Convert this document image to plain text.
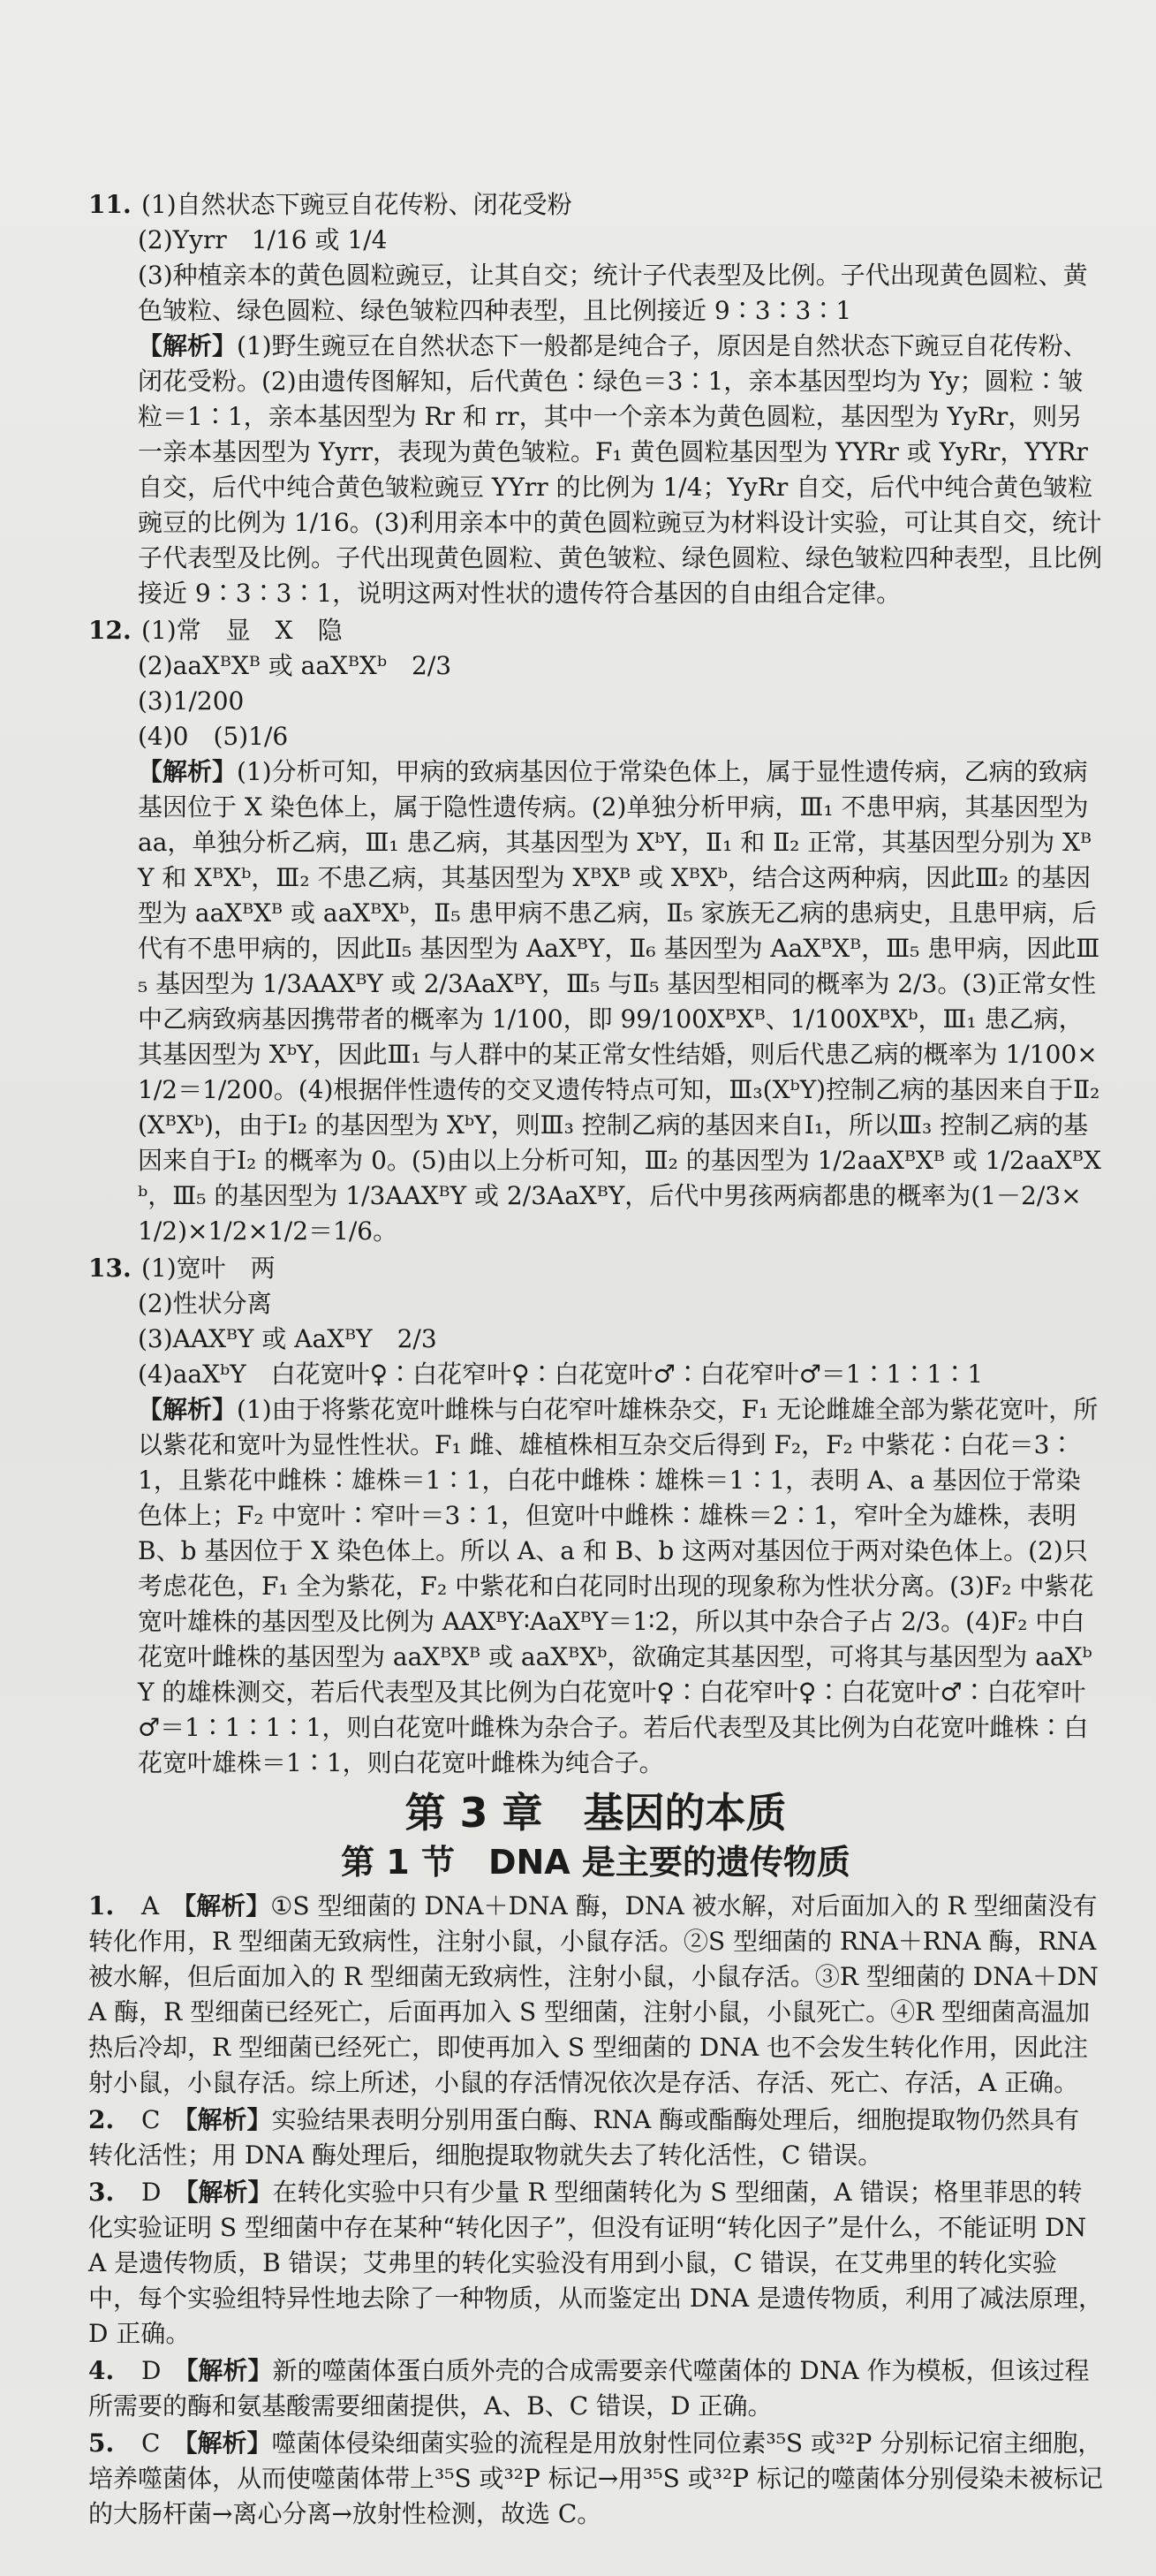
11. (1)自然状态下豌豆自花传粉、闭花受粉

(2)Yyrr　1/16 或 1/4

(3)种植亲本的黄色圆粒豌豆，让其自交；统计子代表型及比例。子代出现黄色圆粒、黄色皱粒、绿色圆粒、绿色皱粒四种表型，且比例接近 9∶3∶3∶1

【解析】(1)野生豌豆在自然状态下一般都是纯合子，原因是自然状态下豌豆自花传粉、闭花受粉。(2)由遗传图解知，后代黄色∶绿色＝3∶1，亲本基因型均为 Yy；圆粒∶皱粒＝1∶1，亲本基因型为 Rr 和 rr，其中一个亲本为黄色圆粒，基因型为 YyRr，则另一亲本基因型为 Yyrr，表现为黄色皱粒。F₁ 黄色圆粒基因型为 YYRr 或 YyRr，YYRr 自交，后代中纯合黄色皱粒豌豆 YYrr 的比例为 1/4；YyRr 自交，后代中纯合黄色皱粒豌豆的比例为 1/16。(3)利用亲本中的黄色圆粒豌豆为材料设计实验，可让其自交，统计子代表型及比例。子代出现黄色圆粒、黄色皱粒、绿色圆粒、绿色皱粒四种表型，且比例接近 9∶3∶3∶1，说明这两对性状的遗传符合基因的自由组合定律。

12. (1)常　显　X　隐

(2)aaXᴮXᴮ 或 aaXᴮXᵇ　2/3

(3)1/200

(4)0　(5)1/6

【解析】(1)分析可知，甲病的致病基因位于常染色体上，属于显性遗传病，乙病的致病基因位于 X 染色体上，属于隐性遗传病。(2)单独分析甲病，Ⅲ₁ 不患甲病，其基因型为 aa，单独分析乙病，Ⅲ₁ 患乙病，其基因型为 XᵇY，Ⅱ₁ 和 Ⅱ₂ 正常，其基因型分别为 XᴮY 和 XᴮXᵇ，Ⅲ₂ 不患乙病，其基因型为 XᴮXᴮ 或 XᴮXᵇ，结合这两种病，因此Ⅲ₂ 的基因型为 aaXᴮXᴮ 或 aaXᴮXᵇ，Ⅱ₅ 患甲病不患乙病，Ⅱ₅ 家族无乙病的患病史，且患甲病，后代有不患甲病的，因此Ⅱ₅ 基因型为 AaXᴮY，Ⅱ₆ 基因型为 AaXᴮXᴮ，Ⅲ₅ 患甲病，因此Ⅲ₅ 基因型为 1/3AAXᴮY 或 2/3AaXᴮY，Ⅲ₅ 与Ⅱ₅ 基因型相同的概率为 2/3。(3)正常女性中乙病致病基因携带者的概率为 1/100，即 99/100XᴮXᴮ、1/100XᴮXᵇ，Ⅲ₁ 患乙病，其基因型为 XᵇY，因此Ⅲ₁ 与人群中的某正常女性结婚，则后代患乙病的概率为 1/100×1/2＝1/200。(4)根据伴性遗传的交叉遗传特点可知，Ⅲ₃(XᵇY)控制乙病的基因来自于Ⅱ₂(XᴮXᵇ)，由于Ⅰ₂ 的基因型为 XᵇY，则Ⅲ₃ 控制乙病的基因来自Ⅰ₁，所以Ⅲ₃ 控制乙病的基因来自于Ⅰ₂ 的概率为 0。(5)由以上分析可知，Ⅲ₂ 的基因型为 1/2aaXᴮXᴮ 或 1/2aaXᴮXᵇ，Ⅲ₅ 的基因型为 1/3AAXᴮY 或 2/3AaXᴮY，后代中男孩两病都患的概率为(1－2/3×1/2)×1/2×1/2＝1/6。

13. (1)宽叶　两

(2)性状分离

(3)AAXᴮY 或 AaXᴮY　2/3

(4)aaXᵇY　白花宽叶♀∶白花窄叶♀∶白花宽叶♂∶白花窄叶♂＝1∶1∶1∶1

【解析】(1)由于将紫花宽叶雌株与白花窄叶雄株杂交，F₁ 无论雌雄全部为紫花宽叶，所以紫花和宽叶为显性性状。F₁ 雌、雄植株相互杂交后得到 F₂，F₂ 中紫花∶白花＝3∶1，且紫花中雌株∶雄株＝1∶1，白花中雌株∶雄株＝1∶1，表明 A、a 基因位于常染色体上；F₂ 中宽叶∶窄叶＝3∶1，但宽叶中雌株∶雄株＝2∶1，窄叶全为雄株，表明 B、b 基因位于 X 染色体上。所以 A、a 和 B、b 这两对基因位于两对染色体上。(2)只考虑花色，F₁ 全为紫花，F₂ 中紫花和白花同时出现的现象称为性状分离。(3)F₂ 中紫花宽叶雄株的基因型及比例为 AAXᴮY∶AaXᴮY＝1∶2，所以其中杂合子占 2/3。(4)F₂ 中白花宽叶雌株的基因型为 aaXᴮXᴮ 或 aaXᴮXᵇ，欲确定其基因型，可将其与基因型为 aaXᵇY 的雄株测交，若后代表型及其比例为白花宽叶♀∶白花窄叶♀∶白花宽叶♂∶白花窄叶♂＝1∶1∶1∶1，则白花宽叶雌株为杂合子。若后代表型及其比例为白花宽叶雌株∶白花宽叶雄株＝1∶1，则白花宽叶雌株为纯合子。

第 3 章　基因的本质
第 1 节　DNA 是主要的遗传物质

1. A　 【解析】①S 型细菌的 DNA＋DNA 酶，DNA 被水解，对后面加入的 R 型细菌没有转化作用，R 型细菌无致病性，注射小鼠，小鼠存活。②S 型细菌的 RNA＋RNA 酶，RNA 被水解，但后面加入的 R 型细菌无致病性，注射小鼠，小鼠存活。③R 型细菌的 DNA＋DNA 酶，R 型细菌已经死亡，后面再加入 S 型细菌，注射小鼠，小鼠死亡。④R 型细菌高温加热后冷却，R 型细菌已经死亡，即使再加入 S 型细菌的 DNA 也不会发生转化作用，因此注射小鼠，小鼠存活。综上所述，小鼠的存活情况依次是存活、存活、死亡、存活，A 正确。

2. C　 【解析】实验结果表明分别用蛋白酶、RNA 酶或酯酶处理后，细胞提取物仍然具有转化活性；用 DNA 酶处理后，细胞提取物就失去了转化活性，C 错误。

3. D　 【解析】在转化实验中只有少量 R 型细菌转化为 S 型细菌，A 错误；格里菲思的转化实验证明 S 型细菌中存在某种“转化因子”，但没有证明“转化因子”是什么，不能证明 DNA 是遗传物质，B 错误；艾弗里的转化实验没有用到小鼠，C 错误，在艾弗里的转化实验中，每个实验组特异性地去除了一种物质，从而鉴定出 DNA 是遗传物质，利用了减法原理，D 正确。

4. D　 【解析】新的噬菌体蛋白质外壳的合成需要亲代噬菌体的 DNA 作为模板，但该过程所需要的酶和氨基酸需要细菌提供，A、B、C 错误，D 正确。

5. C　 【解析】噬菌体侵染细菌实验的流程是用放射性同位素³⁵S 或³²P 分别标记宿主细胞，培养噬菌体，从而使噬菌体带上³⁵S 或³²P 标记→用³⁵S 或³²P 标记的噬菌体分别侵染未被标记的大肠杆菌→离心分离→放射性检测，故选 C。
